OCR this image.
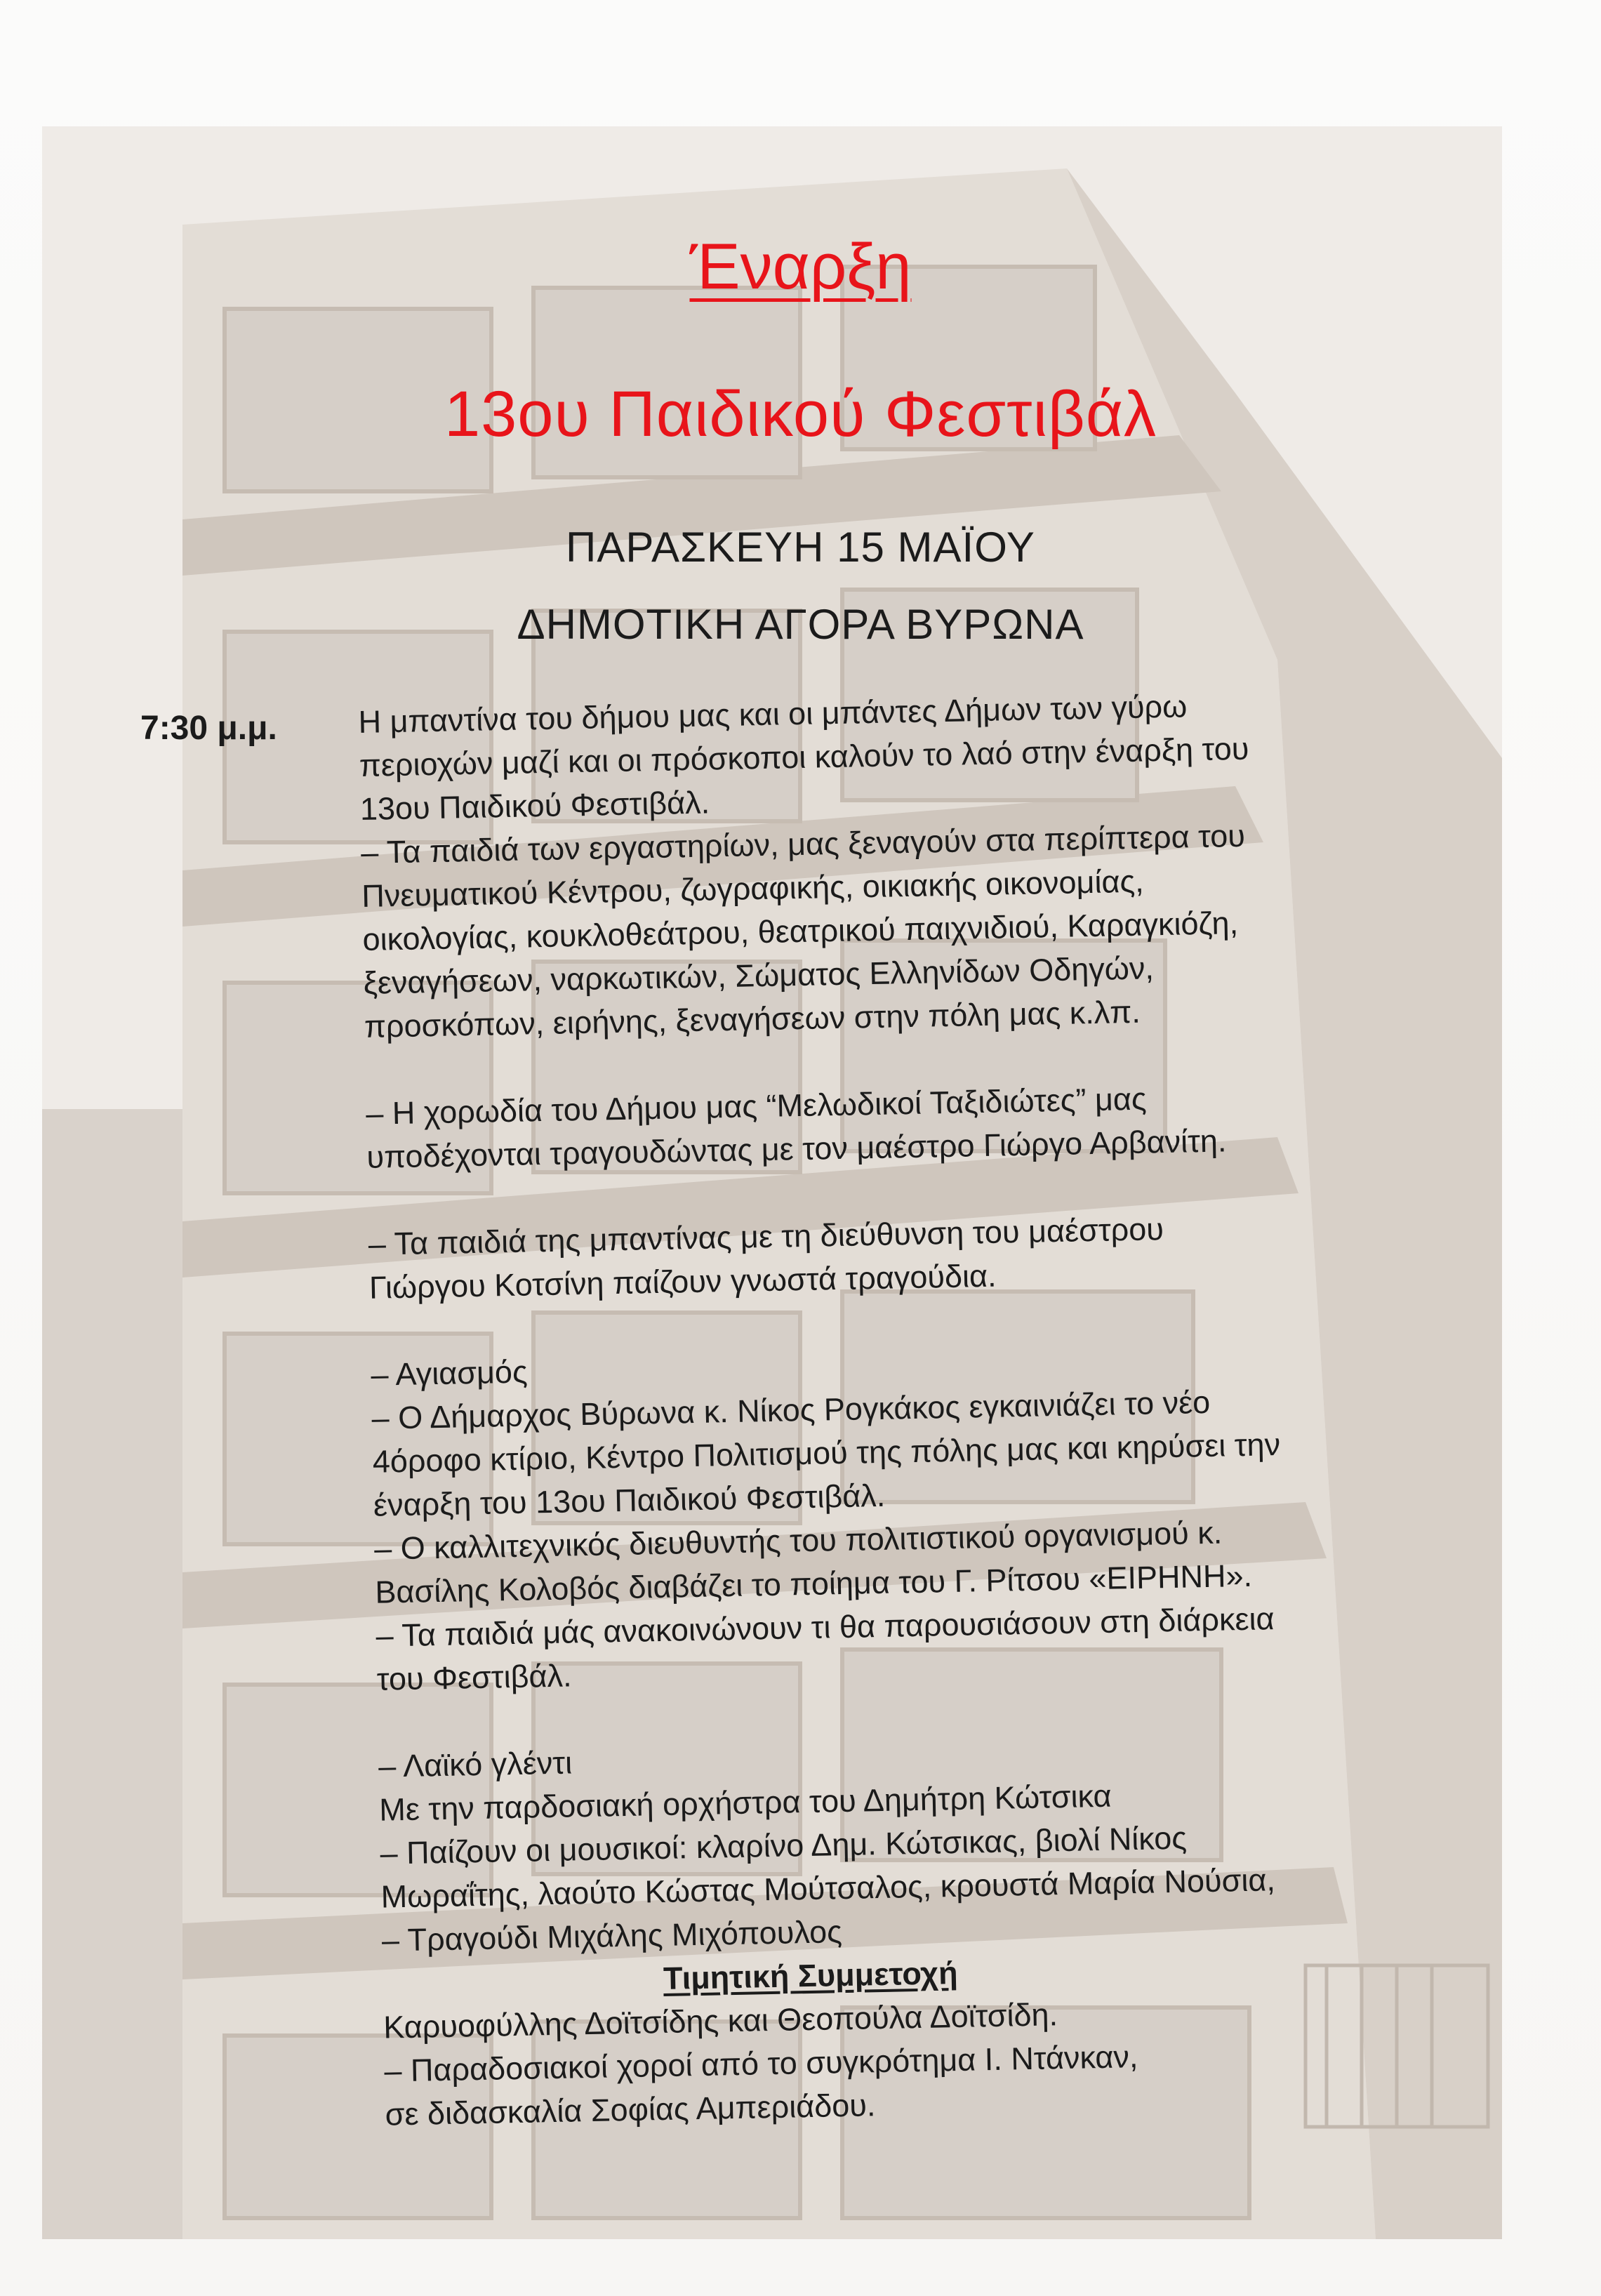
Έναρξη
13ου Παιδικού Φεστιβάλ
ΠΑΡΑΣΚΕΥΗ 15 ΜΑΪΟΥ
ΔΗΜΟΤΙΚΗ ΑΓΟΡΑ ΒΥΡΩΝΑ
7:30 μ.μ.	Η μπαντίνα του δήμου μας και οι μπάντες Δήμων των γύρω

περιοχών μαζί και οι πρόσκοποι καλούν το λαό στην έναρξη του

13ου Παιδικού Φεστιβάλ.

– Τα παιδιά των εργαστηρίων, μας ξεναγούν στα περίπτερα του

Πνευματικού Κέντρου, ζωγραφικής, οικιακής οικονομίας,

οικολογίας, κουκλοθεάτρου, θεατρικού παιχνιδιού, Καραγκιόζη,

ξεναγήσεων, ναρκωτικών, Σώματος Ελληνίδων Οδηγών,

προσκόπων, ειρήνης, ξεναγήσεων στην πόλη μας κ.λπ.

– Η χορωδία του Δήμου μας “Μελωδικοί Ταξιδιώτες” μας

υποδέχονται τραγουδώντας με τον μαέστρο Γιώργο Αρβανίτη.

– Τα παιδιά της μπαντίνας με τη διεύθυνση του μαέστρου

Γιώργου Κοτσίνη παίζουν γνωστά τραγούδια.

– Αγιασμός

– Ο Δήμαρχος Βύρωνα κ. Νίκος Ρογκάκος εγκαινιάζει το νέο

4όροφο κτίριο, Κέντρο Πολιτισμού της πόλης μας και κηρύσει την

έναρξη του 13ου Παιδικού Φεστιβάλ.

– Ο καλλιτεχνικός διευθυντής του πολιτιστικού οργανισμού κ.

Βασίλης Κολοβός διαβάζει το ποίημα του Γ. Ρίτσου «ΕΙΡΗΝΗ».

– Τα παιδιά μάς ανακοινώνουν τι θα παρουσιάσουν στη διάρκεια

του Φεστιβάλ.

– Λαϊκό γλέντι

Με την παρδοσιακή ορχήστρα του Δημήτρη Κώτσικα

– Παίζουν οι μουσικοί: κλαρίνο Δημ. Κώτσικας, βιολί Νίκος

Μωραΐτης, λαούτο Κώστας Μούτσαλος, κρουστά Μαρία Νούσια,

– Τραγούδι Μιχάλης Μιχόπουλος

Τιμητική Συμμετοχή

Καρυοφύλλης Δοϊτσίδης και Θεοπούλα Δοϊτσίδη.

– Παραδοσιακοί χοροί από το συγκρότημα Ι. Ντάνκαν,

σε διδασκαλία Σοφίας Αμπεριάδου.
